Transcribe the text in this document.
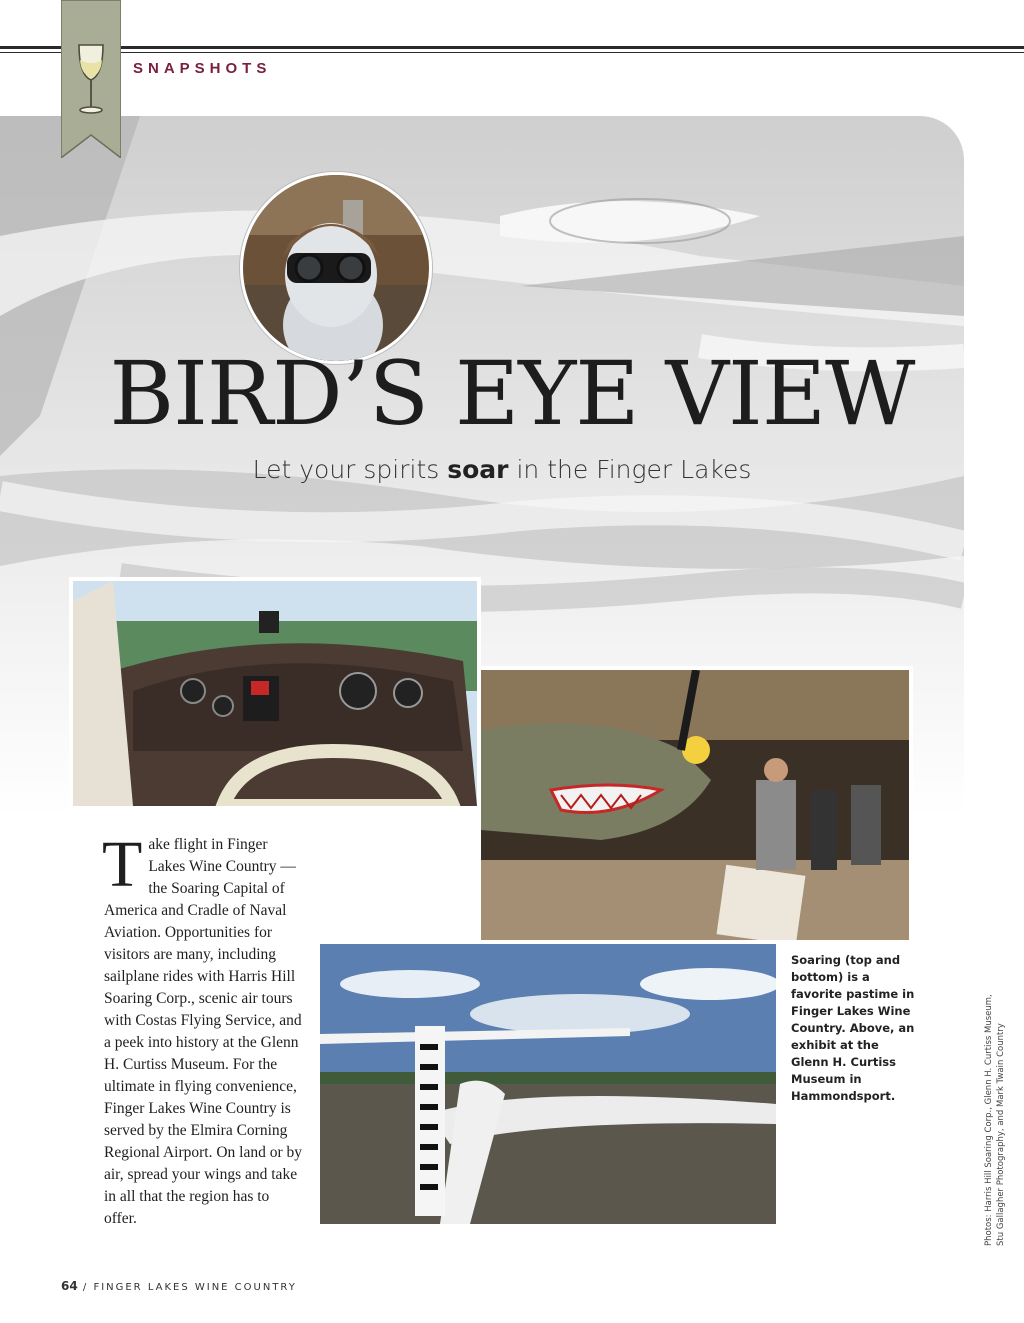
SNAPSHOTS
BIRD’S EYE VIEW
Let your spirits soar in the Finger Lakes
Take flight in Finger Lakes Wine Country — the Soaring Capital of America and Cradle of Naval Aviation. Opportunities for visitors are many, including sailplane rides with Harris Hill Soaring Corp., scenic air tours with Costas Flying Service, and a peek into history at the Glenn H. Curtiss Museum. For the ultimate in flying convenience, Finger Lakes Wine Country is served by the Elmira Corning Regional Airport. On land or by air, spread your wings and take in all that the region has to offer.
Soaring (top and bottom) is a favorite pastime in Finger Lakes Wine Country. Above, an exhibit at the Glenn H. Curtiss Museum in Hammondsport.	Photos: Harris Hill Soaring Corp., Glenn H. Curtiss Museum, Stu Gallagher Photography, and Mark Twain Country
64 / FINGER LAKES WINE COUNTRY
